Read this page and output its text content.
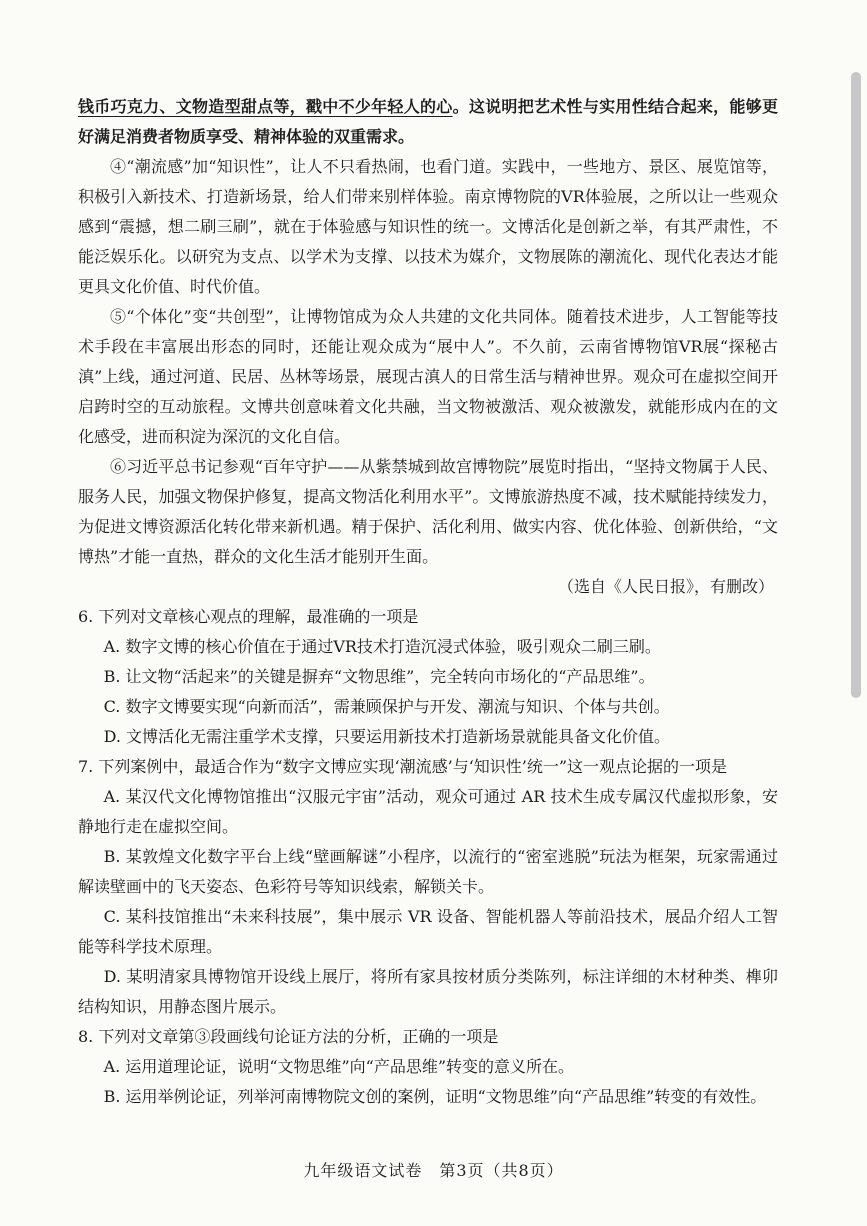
钱币巧克力、文物造型甜点等，戳中不少年轻人的心。这说明把艺术性与实用性结合起来，能够更好满足消费者物质享受、精神体验的双重需求。

④“潮流感”加“知识性”，让人不只看热闹，也看门道。实践中，一些地方、景区、展览馆等，积极引入新技术、打造新场景，给人们带来别样体验。南京博物院的VR体验展，之所以让一些观众感到“震撼，想二刷三刷”，就在于体验感与知识性的统一。文博活化是创新之举，有其严肃性，不能泛娱乐化。以研究为支点、以学术为支撑、以技术为媒介，文物展陈的潮流化、现代化表达才能更具文化价值、时代价值。

⑤“个体化”变“共创型”，让博物馆成为众人共建的文化共同体。随着技术进步，人工智能等技术手段在丰富展出形态的同时，还能让观众成为“展中人”。不久前，云南省博物馆VR展“探秘古滇”上线，通过河道、民居、丛林等场景，展现古滇人的日常生活与精神世界。观众可在虚拟空间开启跨时空的互动旅程。文博共创意味着文化共融，当文物被激活、观众被激发，就能形成内在的文化感受，进而积淀为深沉的文化自信。

⑥习近平总书记参观“百年守护——从紫禁城到故宫博物院”展览时指出，“坚持文物属于人民、服务人民，加强文物保护修复，提高文物活化利用水平”。文博旅游热度不减，技术赋能持续发力，为促进文博资源活化转化带来新机遇。精于保护、活化利用、做实内容、优化体验、创新供给，“文博热”才能一直热，群众的文化生活才能别开生面。

（选自《人民日报》，有删改）

6. 下列对文章核心观点的理解，最准确的一项是

A. 数字文博的核心价值在于通过VR技术打造沉浸式体验，吸引观众二刷三刷。

B. 让文物“活起来”的关键是摒弃“文物思维”，完全转向市场化的“产品思维”。

C. 数字文博要实现“向新而活”，需兼顾保护与开发、潮流与知识、个体与共创。

D. 文博活化无需注重学术支撑，只要运用新技术打造新场景就能具备文化价值。

7. 下列案例中，最适合作为“数字文博应实现‘潮流感’与‘知识性’统一”这一观点论据的一项是

A. 某汉代文化博物馆推出“汉服元宇宙”活动，观众可通过 AR 技术生成专属汉代虚拟形象，安静地行走在虚拟空间。

B. 某敦煌文化数字平台上线“壁画解谜”小程序，以流行的“密室逃脱”玩法为框架，玩家需通过解读壁画中的飞天姿态、色彩符号等知识线索，解锁关卡。

C. 某科技馆推出“未来科技展”，集中展示 VR 设备、智能机器人等前沿技术，展品介绍人工智能等科学技术原理。

D. 某明清家具博物馆开设线上展厅，将所有家具按材质分类陈列，标注详细的木材种类、榫卯结构知识，用静态图片展示。

8. 下列对文章第③段画线句论证方法的分析，正确的一项是

A. 运用道理论证，说明“文物思维”向“产品思维”转变的意义所在。

B. 运用举例论证，列举河南博物院文创的案例，证明“文物思维”向“产品思维”转变的有效性。

九年级语文试卷　第3页（共8页）
